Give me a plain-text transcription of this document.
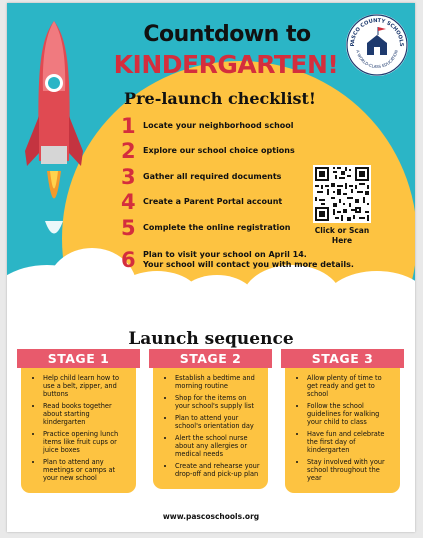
Countdown to
KINDERGARTEN!
PASCO COUNTY SCHOOLS
A WORLD-CLASS EDUCATION
Pre-launch checklist!
1 Locate your neighborhood school
2 Explore our school choice options
3 Gather all required documents
4 Create a Parent Portal account
5 Complete the online registration
6 Plan to visit your school on April 14.
Your school will contact you with more details.
Click or Scan
Here
Launch sequence
STAGE 1
• Help child learn how to use a belt, zipper, and buttons
• Read books together about starting kindergarten
• Practice opening lunch items like fruit cups or juice boxes
• Plan to attend any meetings or camps at your new school
STAGE 2
• Establish a bedtime and morning routine
• Shop for the items on your school's supply list
• Plan to attend your school's orientation day
• Alert the school nurse about any allergies or medical needs
• Create and rehearse your drop-off and pick-up plan
STAGE 3
• Allow plenty of time to get ready and get to school
• Follow the school guidelines for walking your child to class
• Have fun and celebrate the first day of kindergarten
• Stay involved with your school throughout the year
www.pascoschools.org
